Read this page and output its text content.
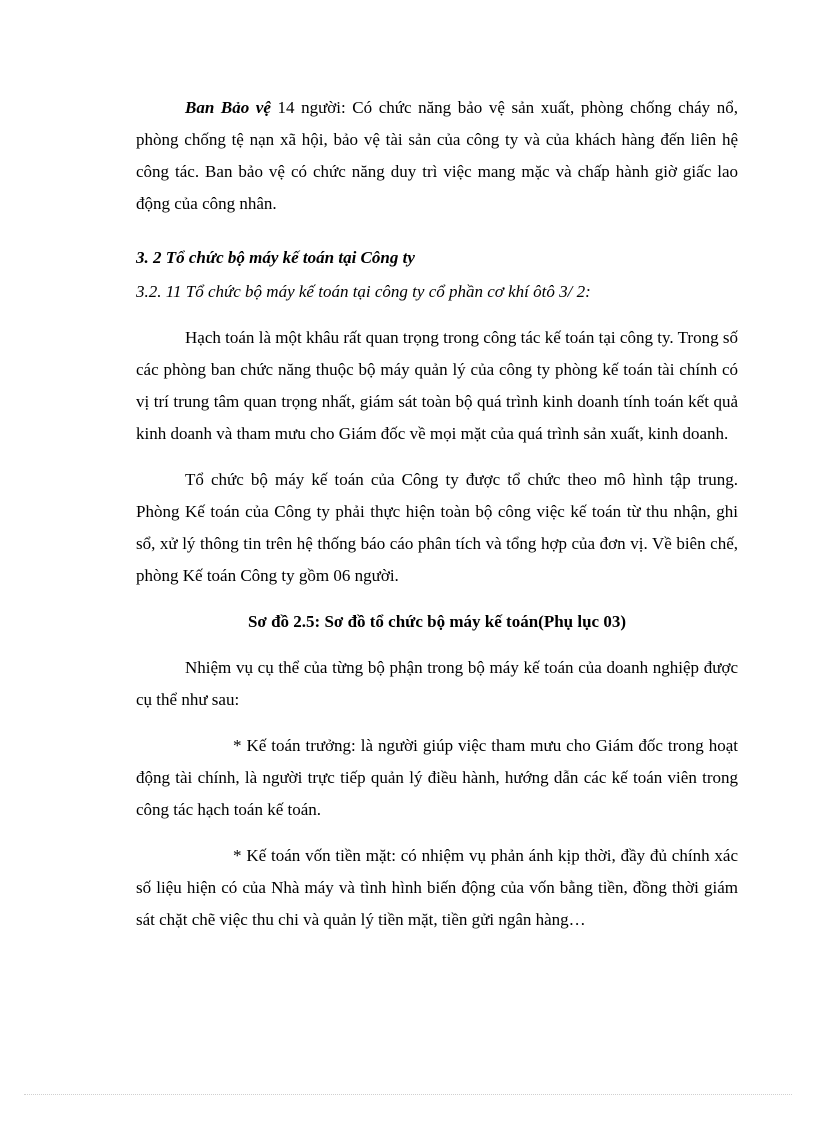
Ban Bảo vệ 14 người: Có chức năng bảo vệ sản xuất, phòng chống cháy nổ, phòng chống tệ nạn xã hội, bảo vệ tài sản của công ty và của khách hàng đến liên hệ công tác. Ban bảo vệ có chức năng duy trì việc mang mặc và chấp hành giờ giấc lao động của công nhân.

3. 2 Tổ chức bộ máy kế toán tại Công ty
3.2. 11 Tổ chức bộ máy kế toán tại công ty cổ phần cơ khí ôtô 3/ 2:

Hạch toán là một khâu rất quan trọng trong công tác kế toán tại công ty. Trong số các phòng ban chức năng thuộc bộ máy quản lý của công ty phòng kế toán tài chính có vị trí trung tâm quan trọng nhất, giám sát toàn bộ quá trình kinh doanh tính toán kết quả kinh doanh và tham mưu cho Giám đốc về mọi mặt của quá trình sản xuất, kinh doanh.

Tổ chức bộ máy kế toán của Công ty được tổ chức theo mô hình tập trung. Phòng Kế toán của Công ty phải thực hiện toàn bộ công việc kế toán từ thu nhận, ghi sổ, xử lý thông tin trên hệ thống báo cáo phân tích và tổng hợp của đơn vị. Về biên chế, phòng Kế toán Công ty gồm 06 người.

Sơ đồ 2.5: Sơ đồ tổ chức bộ máy kế toán(Phụ lục 03)

Nhiệm vụ cụ thể của từng bộ phận trong bộ máy kế toán của doanh nghiệp được cụ thể như sau:

* Kế toán trưởng: là người giúp việc tham mưu cho Giám đốc trong hoạt động tài chính, là người trực tiếp quản lý điều hành, hướng dẫn các kế toán viên trong công tác hạch toán kế toán.

* Kế toán vốn tiền mặt: có nhiệm vụ phản ánh kịp thời, đầy đủ chính xác số liệu hiện có của Nhà máy và tình hình biến động của vốn bằng tiền, đồng thời giám sát chặt chẽ việc thu chi và quản lý tiền mặt, tiền gửi ngân hàng…
